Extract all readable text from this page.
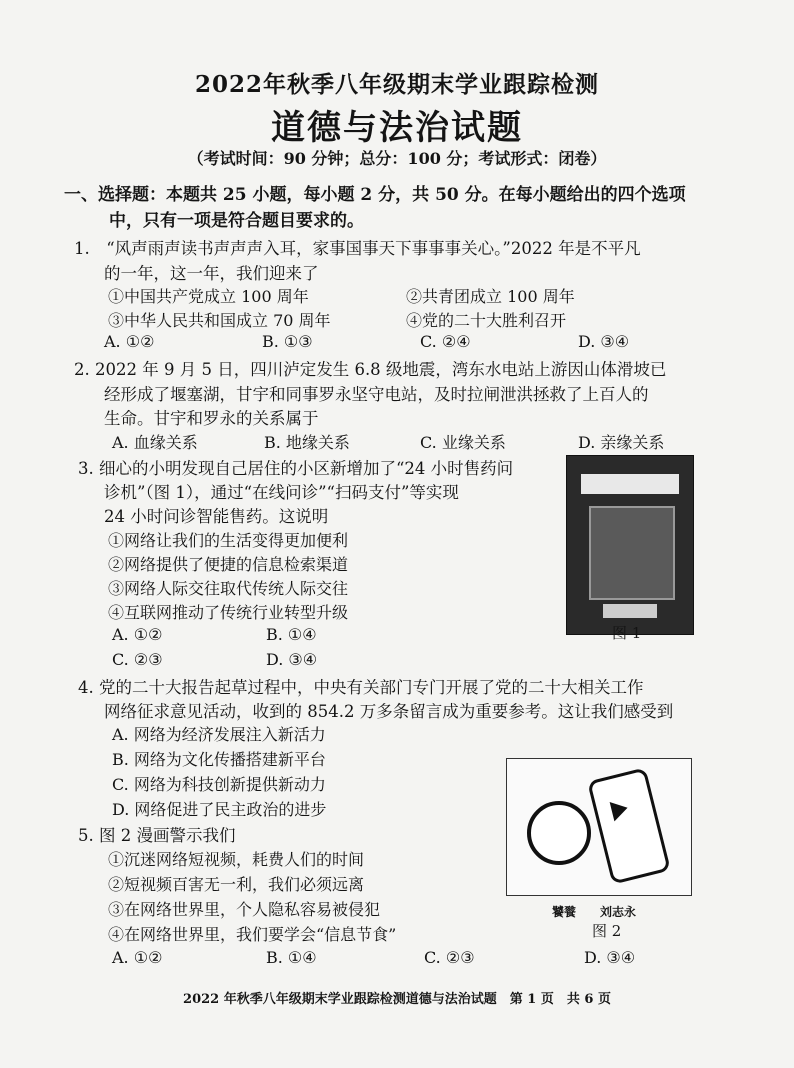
2022年秋季八年级期末学业跟踪检测
道德与法治试题
（考试时间：90 分钟；总分：100 分；考试形式：闭卷）
一、选择题：本题共 25 小题，每小题 2 分，共 50 分。在每小题给出的四个选项
中，只有一项是符合题目要求的。
1.　“风声雨声读书声声声入耳，家事国事天下事事事关心。”2022 年是不平凡
的一年，这一年，我们迎来了
①中国共产党成立 100 周年	②共青团成立 100 周年
③中华人民共和国成立 70 周年	④党的二十大胜利召开
A. ①②	B. ①③	C. ②④	D. ③④
2. 2022 年 9 月 5 日，四川泸定发生 6.8 级地震，湾东水电站上游因山体滑坡已
经形成了堰塞湖，甘宇和同事罗永坚守电站，及时拉闸泄洪拯救了上百人的
生命。甘宇和罗永的关系属于
A. 血缘关系	B. 地缘关系	C. 业缘关系	D. 亲缘关系
3. 细心的小明发现自己居住的小区新增加了“24 小时售药问
诊机”（图 1），通过“在线问诊”“扫码支付”等实现
24 小时问诊智能售药。这说明
①网络让我们的生活变得更加便利
②网络提供了便捷的信息检索渠道
③网络人际交往取代传统人际交往
④互联网推动了传统行业转型升级
A. ①②	B. ①④
C. ②③	D. ③④
图 1
4. 党的二十大报告起草过程中，中央有关部门专门开展了党的二十大相关工作
网络征求意见活动，收到的 854.2 万多条留言成为重要参考。这让我们感受到
A. 网络为经济发展注入新活力
B. 网络为文化传播搭建新平台
C. 网络为科技创新提供新动力
D. 网络促进了民主政治的进步
5. 图 2 漫画警示我们
①沉迷网络短视频，耗费人们的时间
②短视频百害无一利，我们必须远离
③在网络世界里，个人隐私容易被侵犯
④在网络世界里，我们要学会“信息节食”
A. ①②	B. ①④	C. ②③	D. ③④
饕餮　　刘志永
图 2
2022 年秋季八年级期末学业跟踪检测道德与法治试题　第 1 页　共 6 页
